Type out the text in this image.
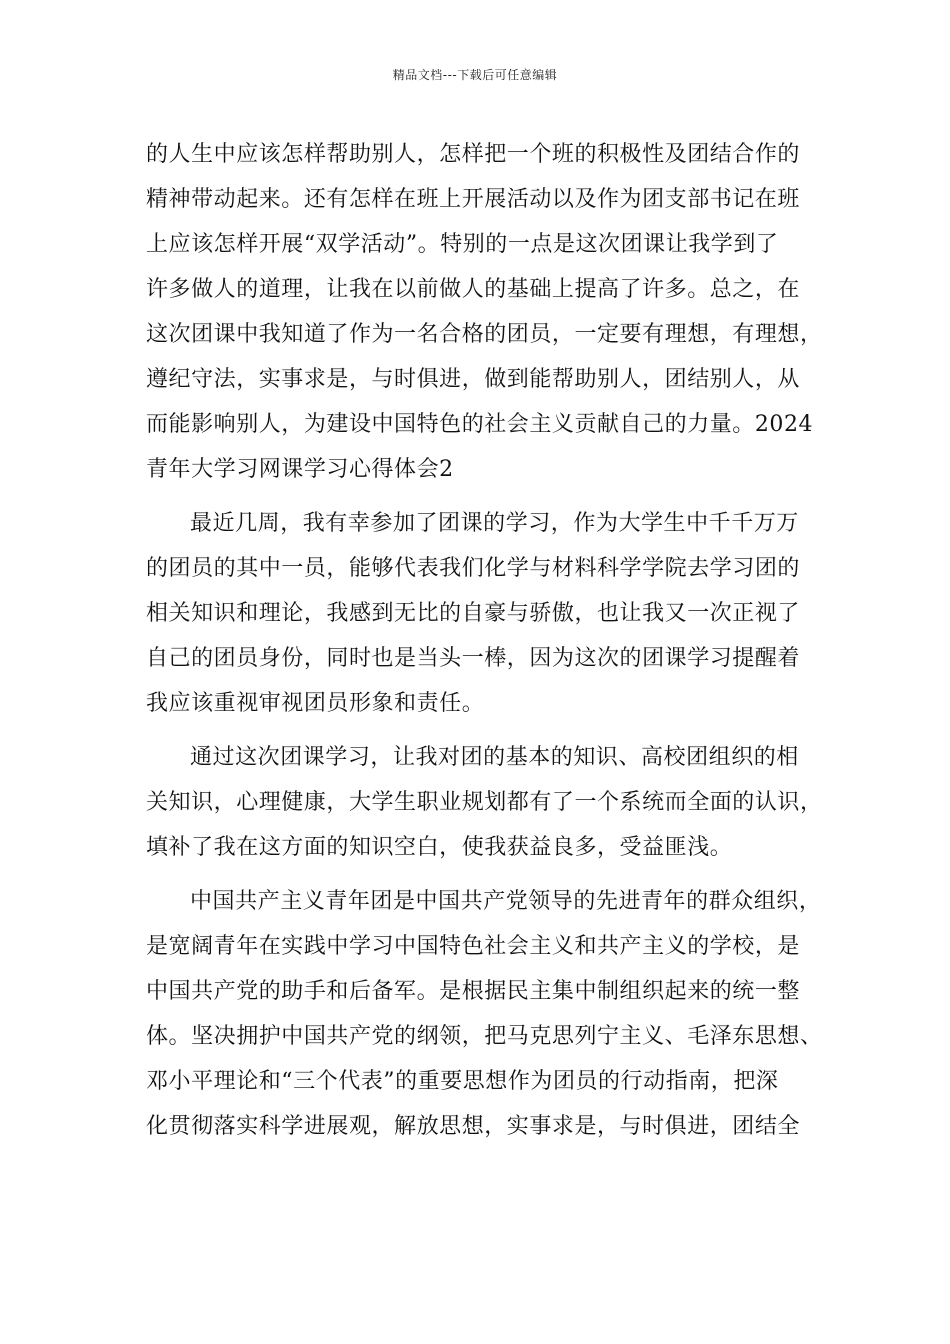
精品文档---下载后可任意编辑
的人生中应该怎样帮助别人，怎样把一个班的积极性及团结合作的
精神带动起来。还有怎样在班上开展活动以及作为团支部书记在班
上应该怎样开展“双学活动”。特别的一点是这次团课让我学到了
许多做人的道理，让我在以前做人的基础上提高了许多。总之，在
这次团课中我知道了作为一名合格的团员，一定要有理想，有理想，
遵纪守法，实事求是，与时俱进，做到能帮助别人，团结别人，从
而能影响别人，为建设中国特色的社会主义贡献自己的力量。2024
青年大学习网课学习心得体会2
最近几周，我有幸参加了团课的学习，作为大学生中千千万万
的团员的其中一员，能够代表我们化学与材料科学学院去学习团的
相关知识和理论，我感到无比的自豪与骄傲，也让我又一次正视了
自己的团员身份，同时也是当头一棒，因为这次的团课学习提醒着
我应该重视审视团员形象和责任。
通过这次团课学习，让我对团的基本的知识、高校团组织的相
关知识，心理健康，大学生职业规划都有了一个系统而全面的认识，
填补了我在这方面的知识空白，使我获益良多，受益匪浅。
中国共产主义青年团是中国共产党领导的先进青年的群众组织，
是宽阔青年在实践中学习中国特色社会主义和共产主义的学校，是
中国共产党的助手和后备军。是根据民主集中制组织起来的统一整
体。坚决拥护中国共产党的纲领，把马克思列宁主义、毛泽东思想、
邓小平理论和“三个代表”的重要思想作为团员的行动指南，把深
化贯彻落实科学进展观，解放思想，实事求是，与时俱进，团结全
